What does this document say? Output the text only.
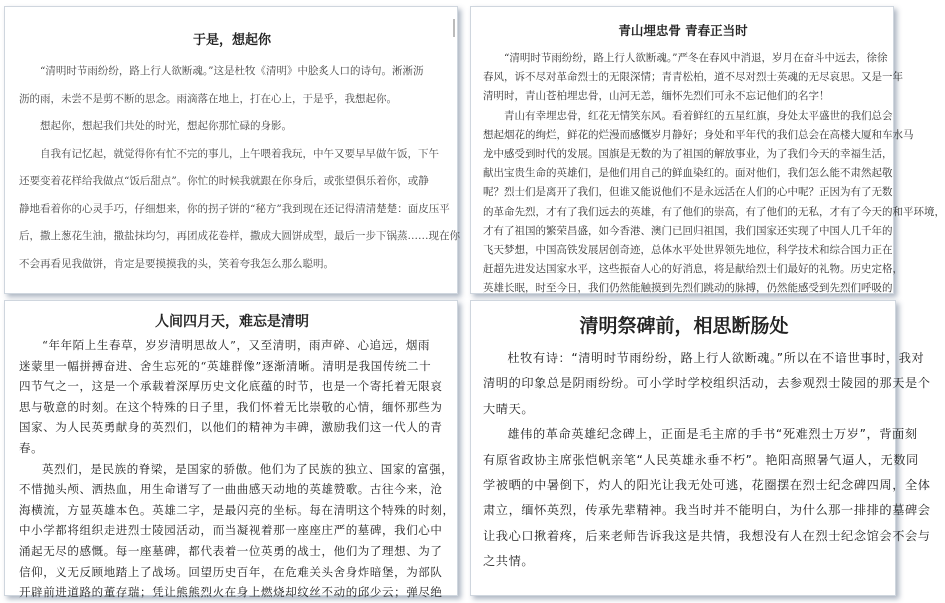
于是，想起你

“清明时节雨纷纷，路上行人欲断魂。”这是杜牧《清明》中脍炙人口的诗句。淅淅沥
沥的雨，未尝不是剪不断的思念。雨滴落在地上，打在心上，于是乎，我想起你。

想起你，想起我们共处的时光，想起你那忙碌的身影。

自我有记忆起，就觉得你有忙不完的事儿，上午喂着我玩，中午又要早早做午饭，下午
还要变着花样给我做点“饭后甜点”。你忙的时候我就跟在你身后，或张望俱乐着你，或静
静地看着你的心灵手巧，仔细想来，你的拐子饼的“秘方”我到现在还记得清清楚楚：面皮压平
后，撒上葱花生油，撒盐抹均匀，再团成花卷样，撒成大圆饼成型，最后一步下锅蒸……现在你
不会再看见我做饼，肯定是要摸摸我的头，笑着夸我怎么那么聪明。

青山埋忠骨 青春正当时

“清明时节雨纷纷，路上行人欲断魂。”严冬在春风中消退，岁月在奋斗中远去，徐徐
春风，诉不尽对革命烈士的无限深情；青青松柏，道不尽对烈士英魂的无尽哀思。又是一年
清明时，青山苍柏埋忠骨，山河无恙，缅怀先烈们可永不忘记他们的名字！

青山有幸埋忠骨，红花无情笑东风。看着鲜红的五星红旗，身处太平盛世的我们总会
想起烟花的绚烂，鲜花的烂漫而感慨岁月静好；身处和平年代的我们总会在高楼大厦和车水马
龙中感受到时代的发展。国旗是无数的为了祖国的解放事业，为了我们今天的幸福生活，
献出宝贵生命的英雄们，是他们用自己的鲜血染红的。面对他们，我们怎么能不肃然起敬
呢？烈士们是离开了我们，但谁又能说他们不是永远活在人们的心中呢？正因为有了无数
的革命先烈，才有了我们远去的英雄，有了他们的崇高，有了他们的无私，才有了今天的和平环境，
才有了祖国的繁荣昌盛，如今香港、澳门已回归祖国，我们国家还实现了中国人几千年的
飞天梦想，中国高铁发展居创奇迹，总体水平处世界领先地位，科学技术和综合国力正在
赶超先进发达国家水平，这些振奋人心的好消息，将是献给烈士们最好的礼物。历史定格，
英雄长眠，时至今日，我们仍然能触摸到先烈们跳动的脉搏，仍然能感受到先烈们呼吸的

人间四月天，难忘是清明

“年年陌上生春草，岁岁清明思故人”，又至清明，雨声碎、心追远，烟雨
迷蒙里一幅拼搏奋进、舍生忘死的“英雄群像”逐渐清晰。清明是我国传统二十
四节气之一，这是一个承载着深厚历史文化底蕴的时节，也是一个寄托着无限哀
思与敬意的时刻。在这个特殊的日子里，我们怀着无比崇敬的心情，缅怀那些为
国家、为人民英勇献身的英烈们，以他们的精神为丰碑，激励我们这一代人的青
春。

英烈们，是民族的脊梁，是国家的骄傲。他们为了民族的独立、国家的富强，
不惜抛头颅、洒热血，用生命谱写了一曲曲感天动地的英雄赞歌。古往今来，沧
海横流，方显英雄本色。英雄二字，是最闪亮的坐标。每在清明这个特殊的时刻，
中小学都将组织走进烈士陵园活动，而当凝视着那一座座庄严的墓碑，我们心中
涌起无尽的感慨。每一座墓碑，都代表着一位英勇的战士，他们为了理想、为了
信仰，义无反顾地踏上了战场。回望历史百年，在危难关头舍身炸暗堡，为部队
开辟前进道路的董存瑞；凭让熊熊烈火在身上燃烧却纹丝不动的邱少云；弹尽绝

清明祭碑前，相思断肠处

杜牧有诗：“清明时节雨纷纷，路上行人欲断魂。”所以在不谙世事时，我对
清明的印象总是阴雨纷纷。可小学时学校组织活动，去参观烈士陵园的那天是个
大晴天。

雄伟的革命英雄纪念碑上，正面是毛主席的手书“死难烈士万岁”，背面刻
有原省政协主席张恺帆亲笔“人民英雄永垂不朽”。艳阳高照暑气逼人，无数同
学被晒的中暑倒下，灼人的阳光让我无处可逃，花圈摆在烈士纪念碑四周，全体
肃立，缅怀英烈，传承先辈精神。我当时并不能明白，为什么那一排排的墓碑会
让我心口揪着疼，后来老师告诉我这是共情，我想没有人在烈士纪念馆会不会与
之共情。
